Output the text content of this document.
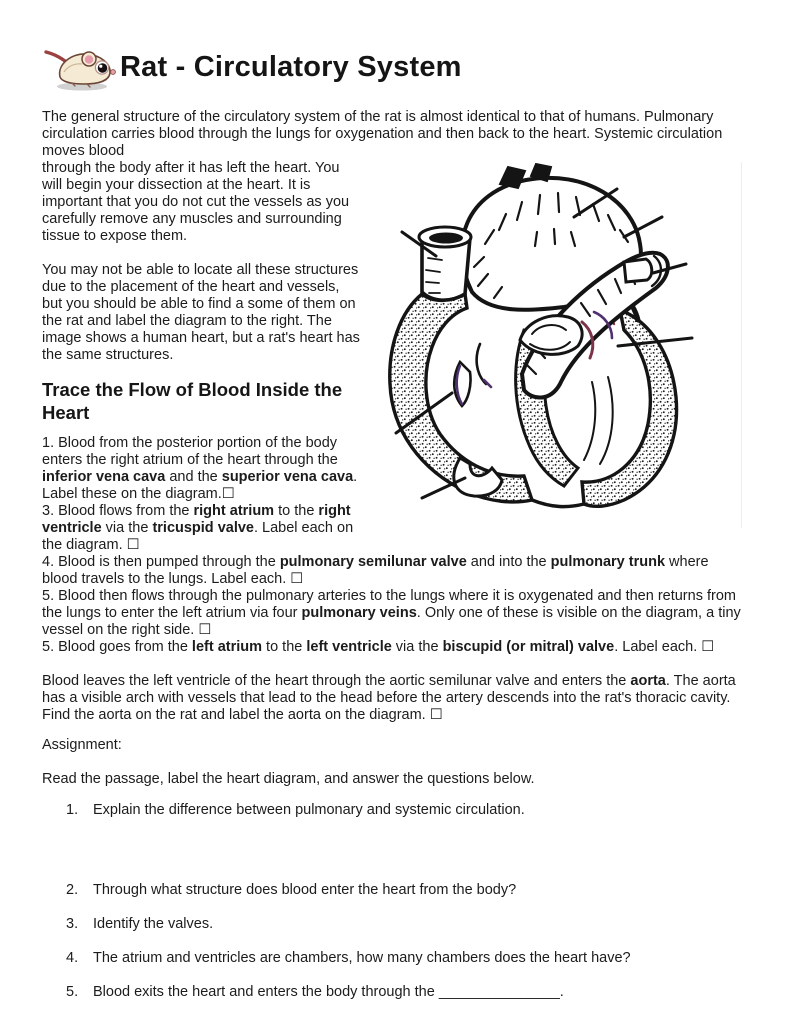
Rat - Circulatory System

The general structure of the circulatory system of the rat is almost identical to that of humans. Pulmonary circulation carries blood through the lungs for oxygenation and then back to the heart. Systemic circulation moves blood

through the body after it has left the heart. You will begin your dissection at the heart. It is important that you do not cut the vessels as you carefully remove any muscles and surrounding tissue to expose them.

You may not be able to locate all these structures due to the placement of the heart and vessels, but you should be able to find a some of them on the rat and label the diagram to the right. The image shows a human heart, but a rat's heart has the same structures.

Trace the Flow of Blood Inside the Heart
1. Blood from the posterior portion of the body enters the right atrium of the heart through the inferior vena cava and the superior vena cava. Label these on the diagram.☐
3. Blood flows from the right atrium to the right ventricle via the tricuspid valve. Label each on the diagram. ☐
4. Blood is then pumped through the pulmonary semilunar valve and into the pulmonary trunk where blood travels to the lungs. Label each. ☐
5. Blood then flows through the pulmonary arteries to the lungs where it is oxygenated and then returns from the lungs to enter the left atrium via four pulmonary veins. Only one of these is visible on the diagram, a tiny vessel on the right side. ☐
5. Blood goes from the left atrium to the left ventricle via the biscupid (or mitral) valve. Label each. ☐

Blood leaves the left ventricle of the heart through the aortic semilunar valve and enters the aorta. The aorta has a visible arch with vessels that lead to the head before the artery descends into the rat's thoracic cavity. Find the aorta on the rat and label the aorta on the diagram. ☐

Assignment:

Read the passage, label the heart diagram, and answer the questions below.

1.	Explain the difference between pulmonary and systemic circulation.
2.	Through what structure does blood enter the heart from the body?
3.	Identify the valves.
4.	The atrium and ventricles are chambers, how many chambers does the heart have?
5.	Blood exits the heart and enters the body through the _______________.
